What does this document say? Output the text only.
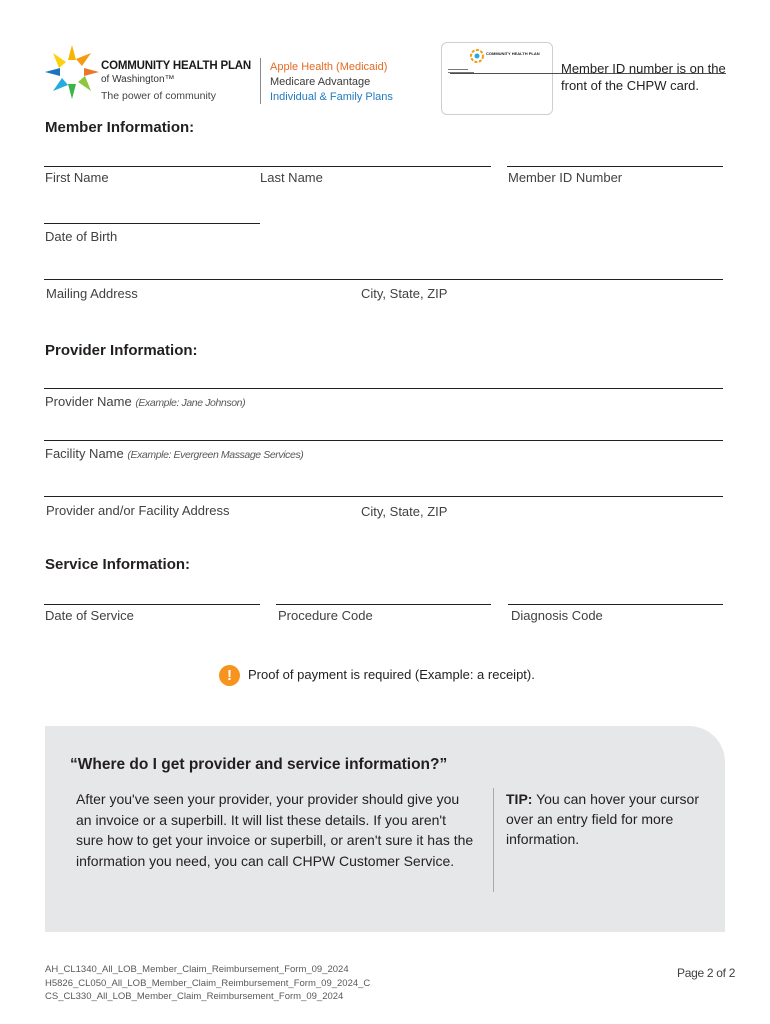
COMMUNITY HEALTH PLAN
of Washington™
The power of community
Apple Health (Medicaid)
Medicare Advantage
Individual & Family Plans
COMMUNITY HEALTH PLAN
Member ID number is on the front of the CHPW card.
Member Information:
First Name	Last Name	Member ID Number
Date of Birth
Mailing Address	City, State, ZIP
Provider Information:
Provider Name (Example: Jane Johnson)
Facility Name (Example: Evergreen Massage Services)
Provider and/or Facility Address	City, State, ZIP
Service Information:
Date of Service	Procedure Code	Diagnosis Code
!	Proof of payment is required (Example: a receipt).
“Where do I get provider and service information?”
After you've seen your provider, your provider should give you an invoice or a superbill. It will list these details. If you aren't sure how to get your invoice or superbill, or aren't sure it has the information you need, you can call CHPW Customer Service.
TIP: You can hover your cursor over an entry field for more information.
AH_CL1340_All_LOB_Member_Claim_Reimbursement_Form_09_2024
H5826_CL050_All_LOB_Member_Claim_Reimbursement_Form_09_2024_C
CS_CL330_All_LOB_Member_Claim_Reimbursement_Form_09_2024
Page 2 of 2
